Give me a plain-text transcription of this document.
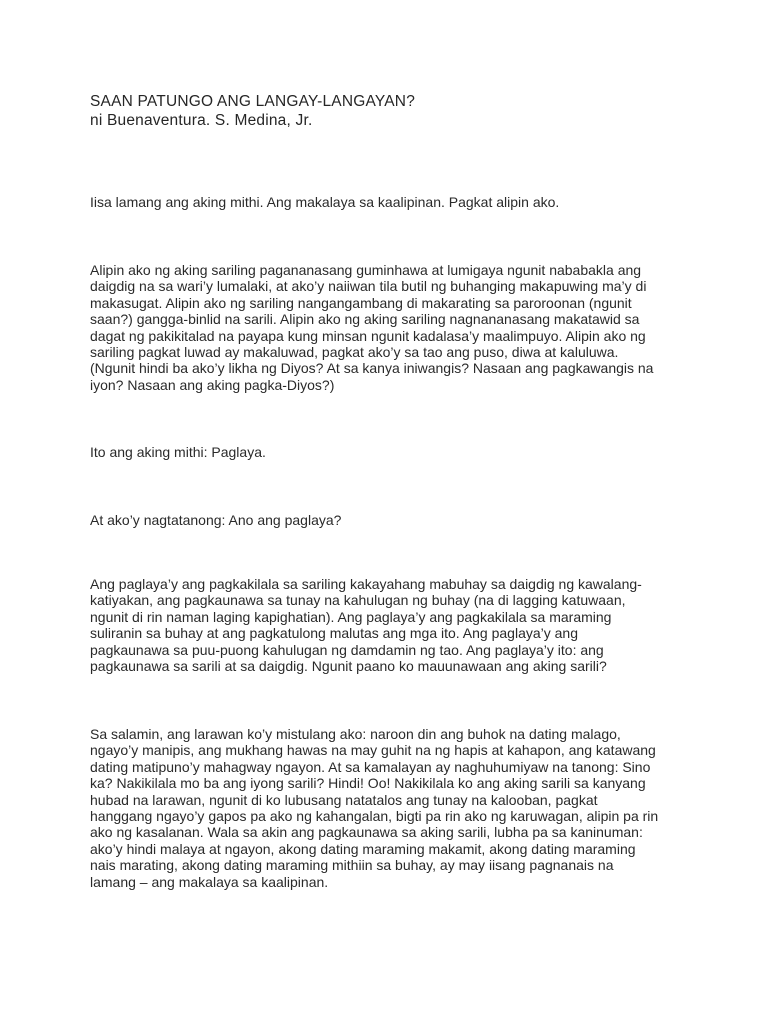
SAAN PATUNGO ANG LANGAY-LANGAYAN?
ni Buenaventura. S. Medina, Jr.

Iisa lamang ang aking mithi. Ang makalaya sa kaalipinan. Pagkat alipin ako.

Alipin ako ng aking sariling pagananasang guminhawa at lumigaya ngunit nababakla ang
daigdig na sa wari’y lumalaki, at ako’y naiiwan tila butil ng buhanging makapuwing ma’y di
makasugat. Alipin ako ng sariling nangangambang di makarating sa paroroonan (ngunit
saan?) gangga-binlid na sarili. Alipin ako ng aking sariling nagnananasang makatawid sa
dagat ng pakikitalad na payapa kung minsan ngunit kadalasa’y maalimpuyo. Alipin ako ng
sariling pagkat luwad ay makaluwad, pagkat ako’y sa tao ang puso, diwa at kaluluwa.
(Ngunit hindi ba ako’y likha ng Diyos? At sa kanya iniwangis? Nasaan ang pagkawangis na
iyon? Nasaan ang aking pagka-Diyos?)

Ito ang aking mithi: Paglaya.

At ako’y nagtatanong: Ano ang paglaya?

Ang paglaya’y ang pagkakilala sa sariling kakayahang mabuhay sa daigdig ng kawalang-
katiyakan, ang pagkaunawa sa tunay na kahulugan ng buhay (na di lagging katuwaan,
ngunit di rin naman laging kapighatian). Ang paglaya’y ang pagkakilala sa maraming
suliranin sa buhay at ang pagkatulong malutas ang mga ito. Ang paglaya’y ang
pagkaunawa sa puu-puong kahulugan ng damdamin ng tao. Ang paglaya’y ito: ang
pagkaunawa sa sarili at sa daigdig. Ngunit paano ko mauunawaan ang aking sarili?

Sa salamin, ang larawan ko’y mistulang ako: naroon din ang buhok na dating malago,
ngayo’y manipis, ang mukhang hawas na may guhit na ng hapis at kahapon, ang katawang
dating matipuno’y mahagway ngayon. At sa kamalayan ay naghuhumiyaw na tanong: Sino
ka? Nakikilala mo ba ang iyong sarili? Hindi! Oo! Nakikilala ko ang aking sarili sa kanyang
hubad na larawan, ngunit di ko lubusang natatalos ang tunay na kalooban, pagkat
hanggang ngayo’y gapos pa ako ng kahangalan, bigti pa rin ako ng karuwagan, alipin pa rin
ako ng kasalanan. Wala sa akin ang pagkaunawa sa aking sarili, lubha pa sa kaninuman:
ako’y hindi malaya at ngayon, akong dating maraming makamit, akong dating maraming
nais marating, akong dating maraming mithiin sa buhay, ay may iisang pagnanais na
lamang – ang makalaya sa kaalipinan.
